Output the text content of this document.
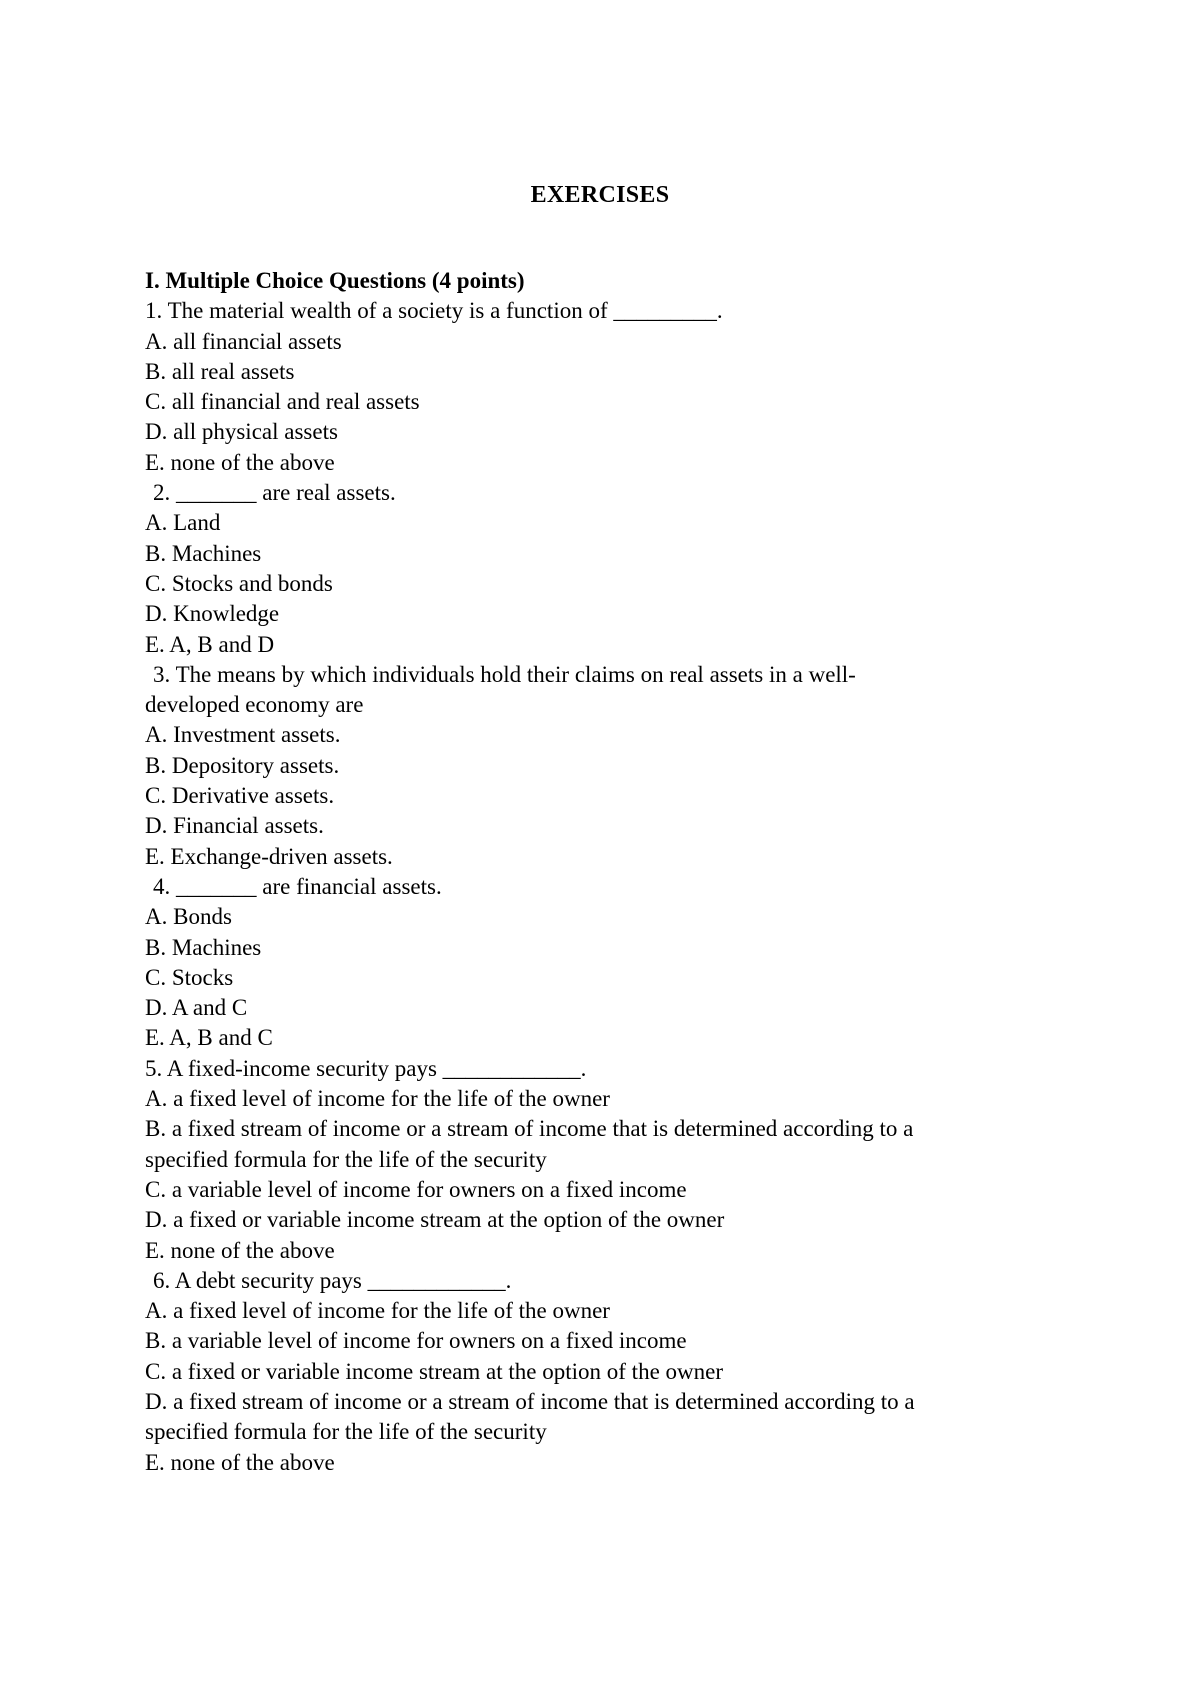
EXERCISES

I. Multiple Choice Questions (4 points)

1. The material wealth of a society is a function of _________.

A. all financial assets

B. all real assets

C. all financial and real assets

D. all physical assets

E. none of the above

2. _______ are real assets.

A. Land

B. Machines

C. Stocks and bonds

D. Knowledge

E. A, B and D

3. The means by which individuals hold their claims on real assets in a well-

developed economy are

A. Investment assets.

B. Depository assets.

C. Derivative assets.

D. Financial assets.

E. Exchange-driven assets.

4. _______ are financial assets.

A. Bonds

B. Machines

C. Stocks

D. A and C

E. A, B and C

5. A fixed-income security pays ____________.

A. a fixed level of income for the life of the owner

B. a fixed stream of income or a stream of income that is determined according to a

specified formula for the life of the security

C. a variable level of income for owners on a fixed income

D. a fixed or variable income stream at the option of the owner

E. none of the above

6. A debt security pays ____________.

A. a fixed level of income for the life of the owner

B. a variable level of income for owners on a fixed income

C. a fixed or variable income stream at the option of the owner

D. a fixed stream of income or a stream of income that is determined according to a

specified formula for the life of the security

E. none of the above
